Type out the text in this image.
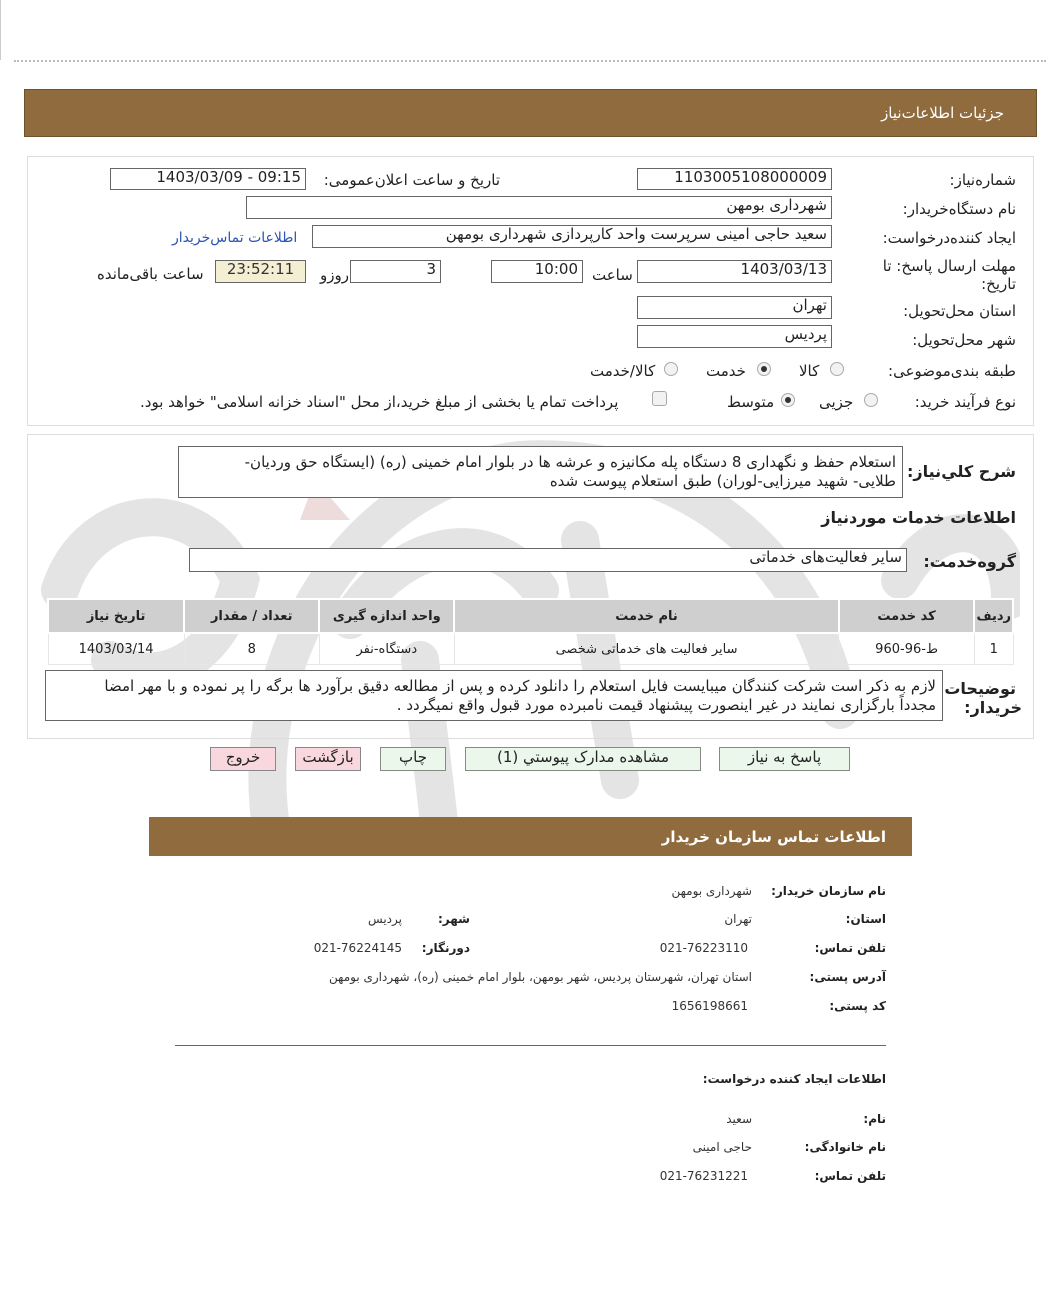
جزئیات اطلاعات‌نیاز
شماره‌نیاز:
1103005108000009
تاریخ و ساعت اعلان‌عمومی:
1403/03/09 - 09:15
نام دستگاه‌خریدار:
شهرداری بومهن
ایجاد کننده‌درخواست:
سعید حاجی امینی سرپرست واحد کارپردازی شهرداری بومهن
اطلاعات تماس‌خریدار
مهلت ارسال پاسخ: تا
تاریخ:
1403/03/13
ساعت
10:00
3
روزو
23:52:11
ساعت باقی‌مانده
استان محل‌تحویل:
تهران
شهر محل‌تحویل:
پردیس
طبقه بندی‌موضوعی:
کالا
خدمت
کالا/خدمت
نوع فرآیند خرید:
جزیی
متوسط
پرداخت تمام یا بخشی از مبلغ خرید،از محل "اسناد خزانه اسلامی" خواهد بود.
شرح کلي‌نیاز:
استعلام حفظ و نگهداری 8 دستگاه پله مکانیزه و عرشه ها در بلوار امام خمینی (ره) (ایستگاه حق وردیان-
طلایی- شهید میرزایی-لوران) طبق استعلام پیوست شده
اطلاعات خدمات موردنیاز
گروه‌خدمت:
سایر فعالیت‌های خدماتی
ردیف	کد خدمت	نام خدمت	واحد اندازه گیری	تعداد / مقدار	تاریخ نیاز
1	ط-96-960	سایر فعالیت های خدماتی شخصی	دستگاه-نفر	8	1403/03/14
توضیحات
خریدار:
لازم به ذکر است شرکت کنندگان میبایست فایل استعلام را دانلود کرده و پس از مطالعه دقیق برآورد ها برگه را پر نموده و با مهر امضا
مجدداً بارگزاری نمایند در غیر اینصورت پیشنهاد قیمت نامبرده مورد قبول واقع نمیگردد .
پاسخ به نیاز
مشاهده مدارک پیوستي (1)
چاپ
بازگشت
خروج
اطلاعات تماس سازمان خریدار
نام سازمان خریدار:
شهرداری بومهن
استان:
تهران
شهر:
پردیس
تلفن تماس:
021-76223110
دورنگار:
021-76224145
آدرس پستی:
استان تهران، شهرستان پردیس، شهر بومهن، بلوار امام خمینی (ره)، شهرداری بومهن
کد پستی:
1656198661
اطلاعات ایجاد کننده درخواست:
نام:
سعید
نام خانوادگی:
حاجی امینی
تلفن تماس:
021-76231221
